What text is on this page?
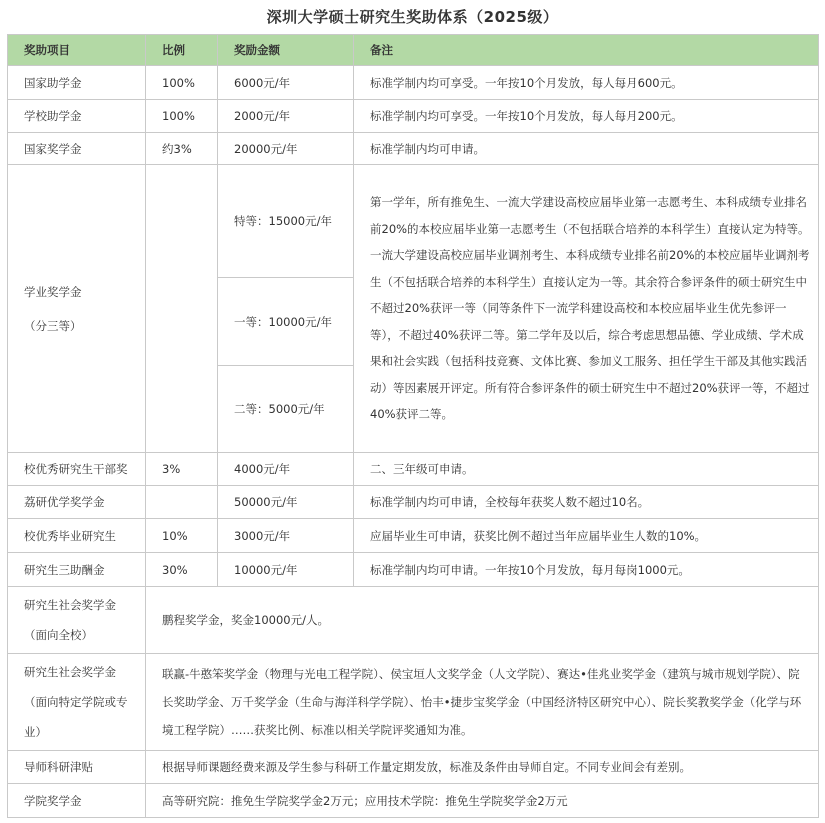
深圳大学硕士研究生奖助体系（2025级）
奖助项目	比例	奖励金额	备注
国家助学金	100%	6000元/年	标准学制内均可享受。一年按10个月发放，每人每月600元。
学校助学金	100%	2000元/年	标准学制内均可享受。一年按10个月发放，每人每月200元。
国家奖学金	约3%	20000元/年	标准学制内均可申请。

学业奖学金
（分三等）		特等：15000元/年	第一学年，所有推免生、一流大学建设高校应届毕业第一志愿考生、本科成绩专业排名前20%的本校应届毕业第一志愿考生（不包括联合培养的本科学生）直接认定为特等。一流大学建设高校应届毕业调剂考生、本科成绩专业排名前20%的本校应届毕业调剂考生（不包括联合培养的本科学生）直接认定为一等。其余符合参评条件的硕士研究生中不超过20%获评一等（同等条件下一流学科建设高校和本校应届毕业生优先参评一等），不超过40%获评二等。第二学年及以后，综合考虑思想品德、学业成绩、学术成果和社会实践（包括科技竞赛、文体比赛、参加义工服务、担任学生干部及其他实践活动）等因素展开评定。所有符合参评条件的硕士研究生中不超过20%获评一等，不超过40%获评二等。
		一等：10000元/年	
		二等：5000元/年	
校优秀研究生干部奖	3%	4000元/年	二、三年级可申请。
荔研优学奖学金		50000元/年	标准学制内均可申请，全校每年获奖人数不超过10名。
校优秀毕业研究生	10%	3000元/年	应届毕业生可申请，获奖比例不超过当年应届毕业生人数的10%。
研究生三助酬金	30%	10000元/年	标准学制内均可申请。一年按10个月发放，每月每岗1000元。

研究生社会奖学金
（面向全校）	鹏程奖学金，奖金10000元/人。		

研究生社会奖学金
（面向特定学院或专
业）	联赢-牛憨笨奖学金（物理与光电工程学院）、侯宝垣人文奖学金（人文学院）、赛达•佳兆业奖学金（建筑与城市规划学院）、院长奖助学金、万千奖学金（生命与海洋科学学院）、怡丰•捷步宝奖学金（中国经济特区研究中心）、院长奖教奖学金（化学与环境工程学院）……获奖比例、标准以相关学院评奖通知为准。		
导师科研津贴	根据导师课题经费来源及学生参与科研工作量定期发放，标准及条件由导师自定。不同专业间会有差别。		
学院奖学金	高等研究院：推免生学院奖学金2万元；应用技术学院：推免生学院奖学金2万元		
